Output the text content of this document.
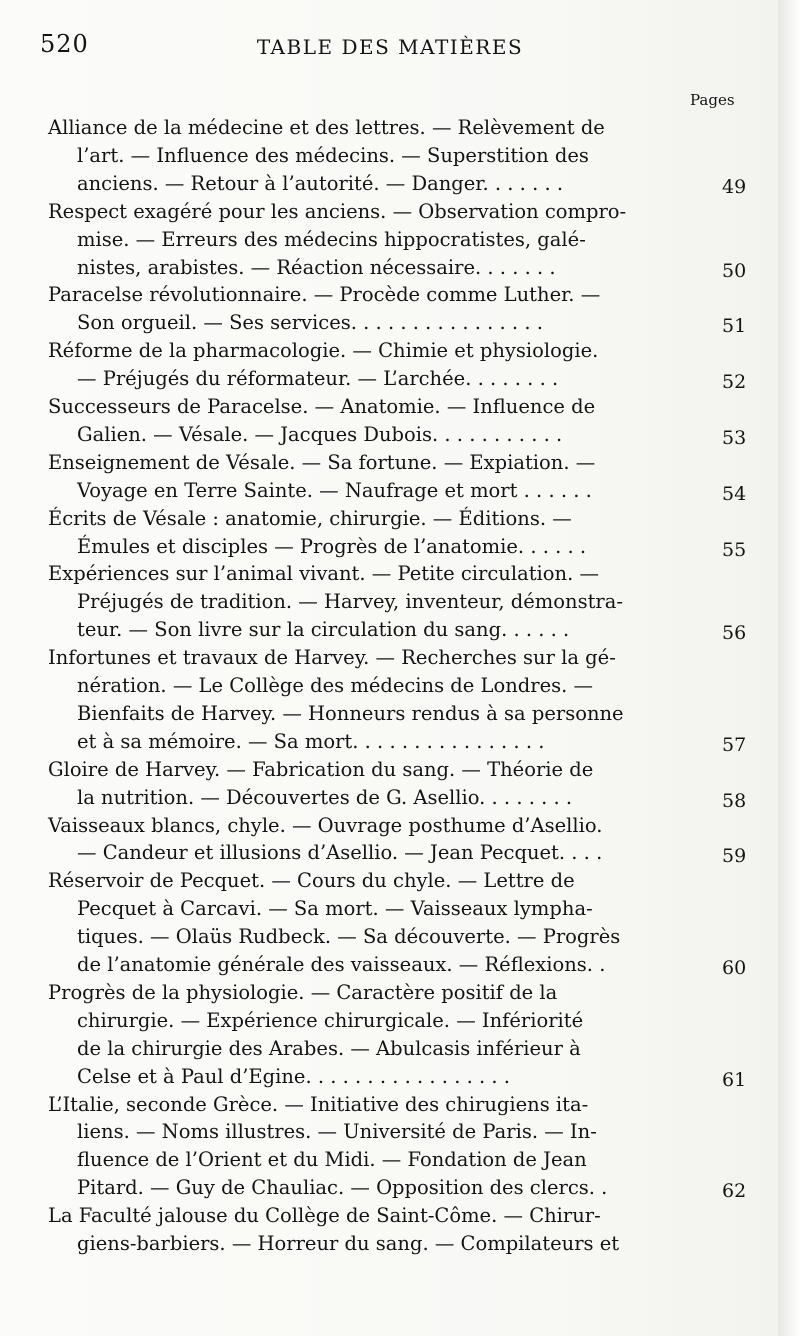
520	TABLE DES MATIÈRES
Pages
Alliance de la médecine et des lettres. — Relèvement de
l’art. — Influence des médecins. — Superstition des
anciens. — Retour à l’autorité. — Danger. . . . . . .	49
Respect exagéré pour les anciens. — Observation compro-
mise. — Erreurs des médecins hippocratistes, galé-
nistes, arabistes. — Réaction nécessaire. . . . . . .	50
Paracelse révolutionnaire. — Procède comme Luther. —
Son orgueil. — Ses services. . . . . . . . . . . . . . . .	51
Réforme de la pharmacologie. — Chimie et physiologie.
— Préjugés du réformateur. — L’archée. . . . . . . .	52
Successeurs de Paracelse. — Anatomie. — Influence de
Galien. — Vésale. — Jacques Dubois. . . . . . . . . . .	53
Enseignement de Vésale. — Sa fortune. — Expiation. —
Voyage en Terre Sainte. — Naufrage et mort . . . . . .	54
Écrits de Vésale : anatomie, chirurgie. — Éditions. —
Émules et disciples — Progrès de l’anatomie. . . . . .	55
Expériences sur l’animal vivant. — Petite circulation. —
Préjugés de tradition. — Harvey, inventeur, démonstra-
teur. — Son livre sur la circulation du sang. . . . . .	56
Infortunes et travaux de Harvey. — Recherches sur la gé-
nération. — Le Collège des médecins de Londres. —
Bienfaits de Harvey. — Honneurs rendus à sa personne
et à sa mémoire. — Sa mort. . . . . . . . . . . . . . . .	57
Gloire de Harvey. — Fabrication du sang. — Théorie de
la nutrition. — Découvertes de G. Asellio. . . . . . . .	58
Vaisseaux blancs, chyle. — Ouvrage posthume d’Asellio.
— Candeur et illusions d’Asellio. — Jean Pecquet. . . .	59
Réservoir de Pecquet. — Cours du chyle. — Lettre de
Pecquet à Carcavi. — Sa mort. — Vaisseaux lympha-
tiques. — Olaüs Rudbeck. — Sa découverte. — Progrès
de l’anatomie générale des vaisseaux. — Réflexions. .	60
Progrès de la physiologie. — Caractère positif de la
chirurgie. — Expérience chirurgicale. — Infériorité
de la chirurgie des Arabes. — Abulcasis inférieur à
Celse et à Paul d’Egine. . . . . . . . . . . . . . . . .	61
L’Italie, seconde Grèce. — Initiative des chirugiens ita-
liens. — Noms illustres. — Université de Paris. — In-
fluence de l’Orient et du Midi. — Fondation de Jean
Pitard. — Guy de Chauliac. — Opposition des clercs. .	62
La Faculté jalouse du Collège de Saint-Côme. — Chirur-
giens-barbiers. — Horreur du sang. — Compilateurs et
